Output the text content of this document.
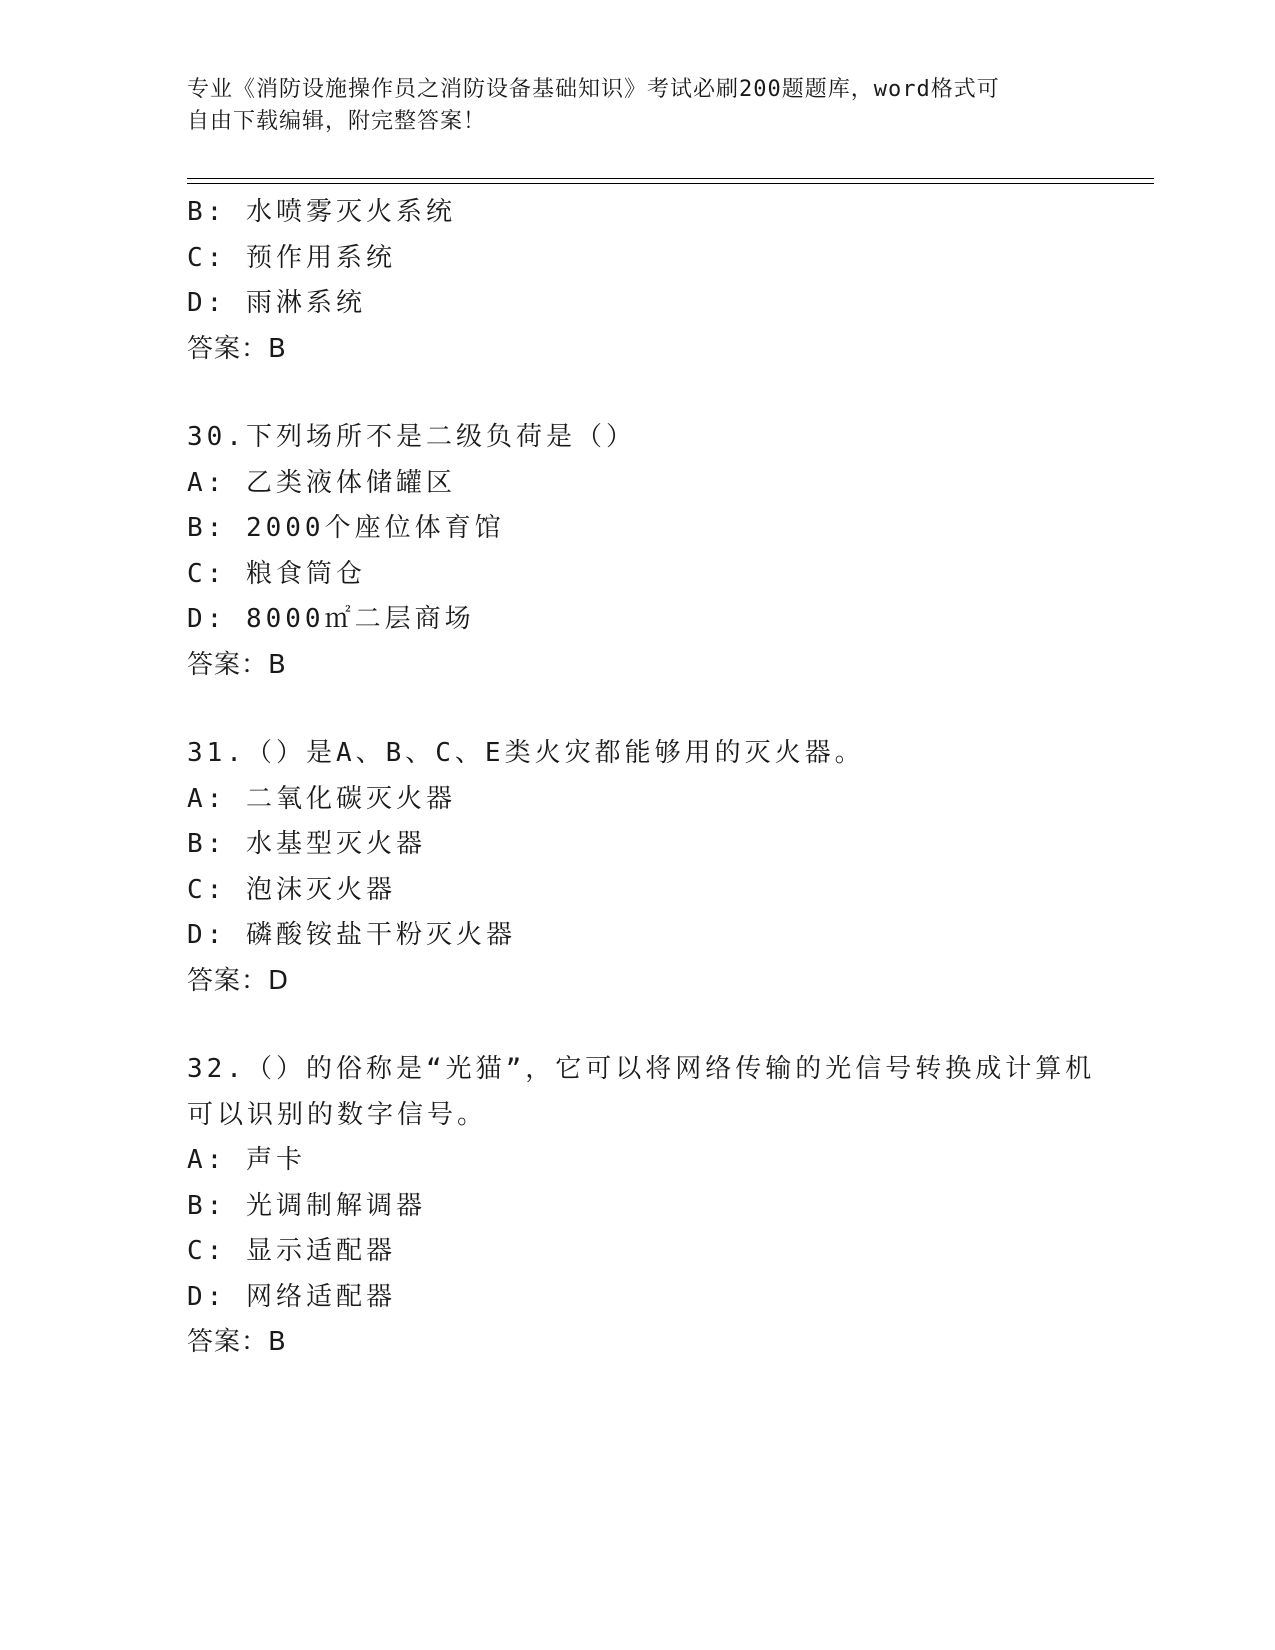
专业《消防设施操作员之消防设备基础知识》考试必刷200题题库，word格式可
自由下载编辑，附完整答案！
B: 水喷雾灭火系统
C: 预作用系统
D: 雨淋系统
答案：B
30.下列场所不是二级负荷是（）
A: 乙类液体储罐区
B: 2000个座位体育馆
C: 粮食筒仓
D: 8000㎡二层商场
答案：B
31.（）是A、B、C、E类火灾都能够用的灭火器。
A: 二氧化碳灭火器
B: 水基型灭火器
C: 泡沫灭火器
D: 磷酸铵盐干粉灭火器
答案：D
32.（）的俗称是“光猫”，它可以将网络传输的光信号转换成计算机
可以识别的数字信号。
A: 声卡
B: 光调制解调器
C: 显示适配器
D: 网络适配器
答案：B
